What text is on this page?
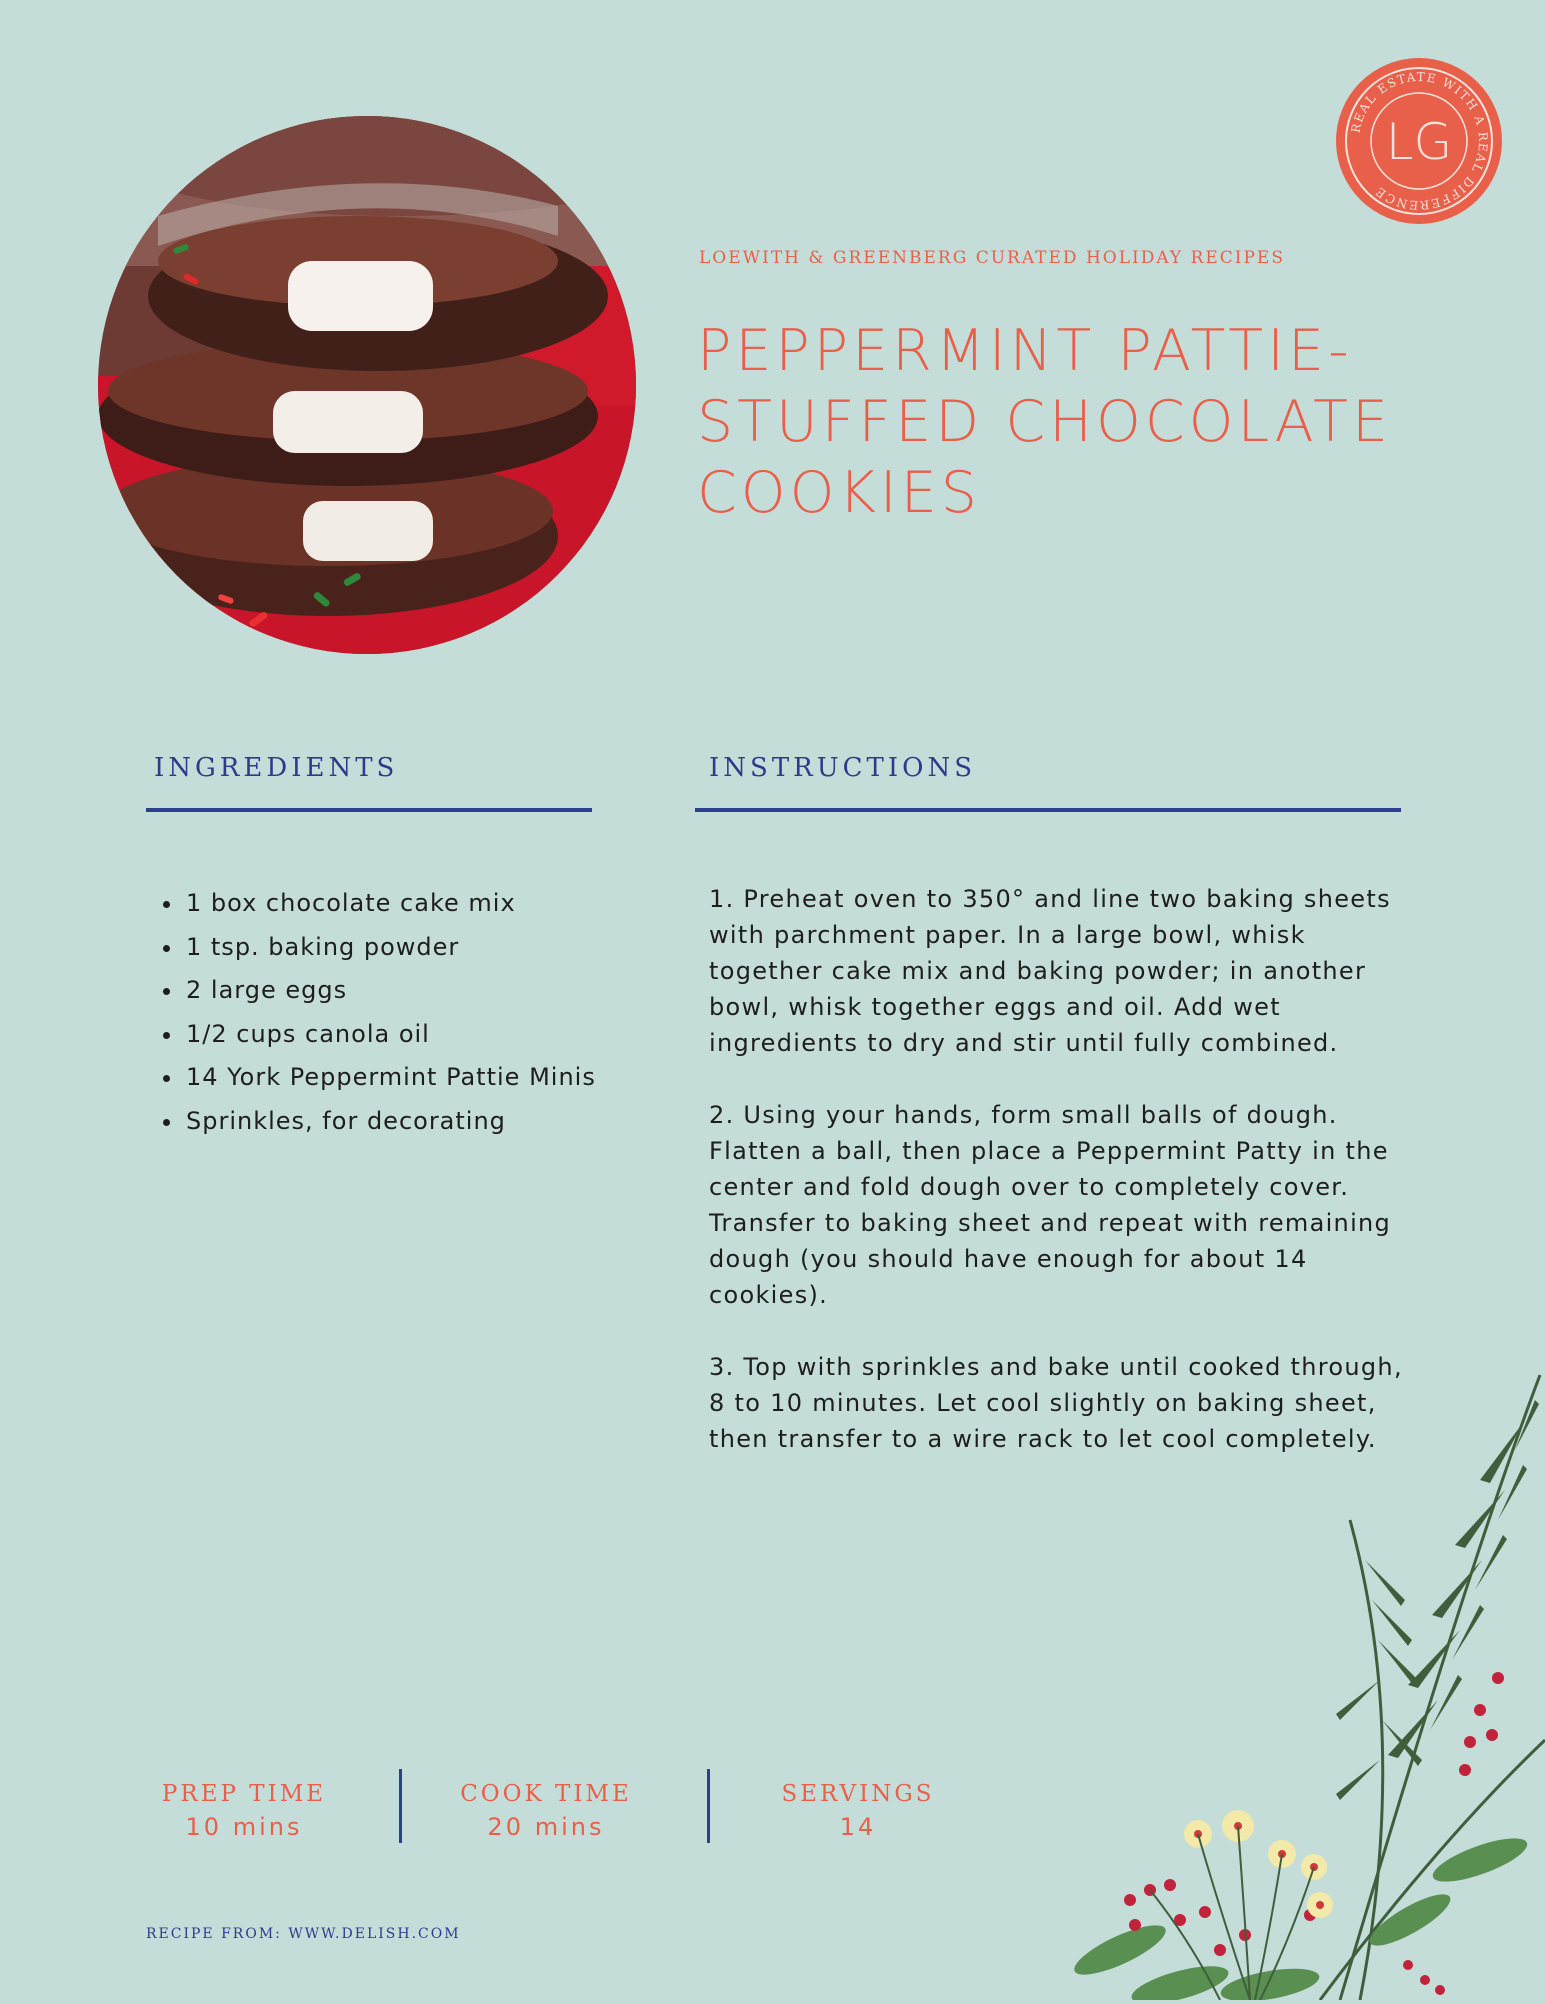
REAL ESTATE WITH A REAL DIFFERENCE
LG
LOEWITH & GREENBERG CURATED HOLIDAY RECIPES
PEPPERMINT PATTIE-STUFFED CHOCOLATE COOKIES
INGREDIENTS
• 1 box chocolate cake mix
• 1 tsp. baking powder
• 2 large eggs
• 1/2 cups canola oil
• 14 York Peppermint Pattie Minis
• Sprinkles, for decorating
INSTRUCTIONS

1. Preheat oven to 350° and line two baking sheets with parchment paper. In a large bowl, whisk together cake mix and baking powder; in another bowl, whisk together eggs and oil. Add wet ingredients to dry and stir until fully combined.

2. Using your hands, form small balls of dough. Flatten a ball, then place a Peppermint Patty in the center and fold dough over to completely cover. Transfer to baking sheet and repeat with remaining dough (you should have enough for about 14 cookies).

3. Top with sprinkles and bake until cooked through, 8 to 10 minutes. Let cool slightly on baking sheet, then transfer to a wire rack to let cool completely.

PREP TIME
10 mins
COOK TIME
20 mins
SERVINGS
14
RECIPE FROM: WWW.DELISH.COM
